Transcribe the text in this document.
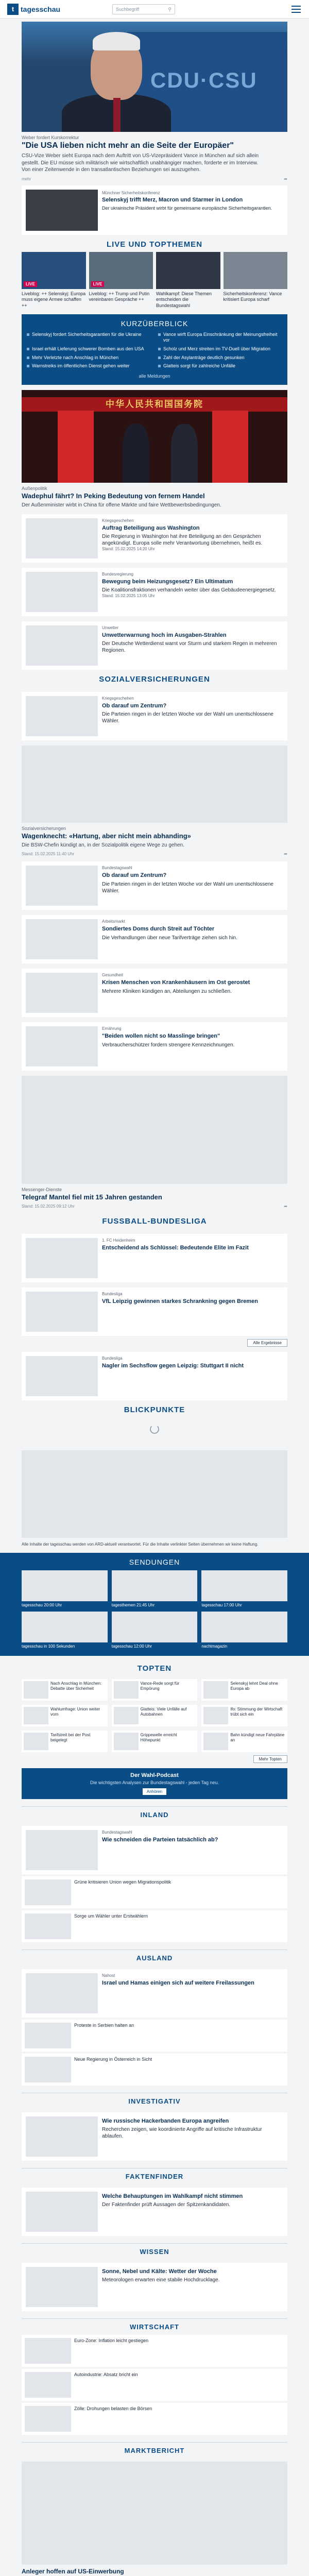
t tagesschau	Suchbegriff	⚲
CDU·CSU

Weber fordert Kurskorrektur

"Die USA lieben nicht mehr an die Seite der Europäer"

CSU-Vize Weber sieht Europa nach dem Auftritt von US-Vizepräsident Vance in München auf sich allein gestellt. Die EU müsse sich militärisch wie wirtschaftlich unabhängiger machen, forderte er im Interview. Von einer Zeitenwende in den transatlantischen Beziehungen sei auszugehen.

mehr	➦
Münchner Sicherheitskonferenz
Selenskyj trifft Merz, Macron und Starmer in London
Der ukrainische Präsident wirbt für gemeinsame europäische Sicherheitsgarantien.
LIVE UND TOPTHEMEN
LIVE

Liveblog: ++ Selenskyj: Europa muss eigene Armee schaffen ++

LIVE

Liveblog: ++ Trump und Putin vereinbaren Gespräche ++

Wahlkampf: Diese Themen entscheiden die Bundestagswahl

Sicherheitskonferenz: Vance kritisiert Europa scharf

KURZÜBERBLICK
Selenskyj fordert Sicherheitsgarantien für die Ukraine	Vance wirft Europa Einschränkung der Meinungsfreiheit vor
Israel erhält Lieferung schwerer Bomben aus den USA	Scholz und Merz streiten im TV-Duell über Migration
Mehr Verletzte nach Anschlag in München	Zahl der Asylanträge deutlich gesunken
Warnstreiks im öffentlichen Dienst gehen weiter	Glatteis sorgt für zahlreiche Unfälle
alle Meldungen
中华人民共和国国务院

Außenpolitik

Wadephul fährt? In Peking Bedeutung von fernem Handel

Der Außenminister wirbt in China für offene Märkte und faire Wettbewerbsbedingungen.

Kriegsgeschehen
Auftrag Beteiligung aus Washington
Die Regierung in Washington hat ihre Beteiligung an den Gesprächen angekündigt. Europa solle mehr Verantwortung übernehmen, heißt es.
Stand: 15.02.2025 14:20 Uhr
Bundesregierung
Bewegung beim Heizungsgesetz? Ein Ultimatum
Die Koalitionsfraktionen verhandeln weiter über das Gebäudeenergiegesetz.
Stand: 15.02.2025 13:05 Uhr
Unwetter
Unwetterwarnung hoch im Ausgaben-Strahlen
Der Deutsche Wetterdienst warnt vor Sturm und starkem Regen in mehreren Regionen.
SOZIALVERSICHERUNGEN
Kriegsgeschehen
Ob darauf um Zentrum?
Die Parteien ringen in der letzten Woche vor der Wahl um unentschlossene Wähler.

Sozialversicherungen

Wagenknecht: «Hartung, aber nicht mein abhanding»

Die BSW-Chefin kündigt an, in der Sozialpolitik eigene Wege zu gehen.

Stand: 15.02.2025 11:40 Uhr	➦
Bundestagswahl
Ob darauf um Zentrum?
Die Parteien ringen in der letzten Woche vor der Wahl um unentschlossene Wähler.
Arbeitsmarkt
Sondiertes Doms durch Streit auf Töchter
Die Verhandlungen über neue Tarifverträge ziehen sich hin.
Gesundheit
Krisen Menschen von Krankenhäusern im Ost gerostet
Mehrere Kliniken kündigen an, Abteilungen zu schließen.
Ernährung
"Beiden wollen nicht so Masslinge bringen"
Verbraucherschützer fordern strengere Kennzeichnungen.

Messenger-Dienste

Telegraf Mantel fiel mit 15 Jahren gestanden
Stand: 15.02.2025 09:12 Uhr	➦
FUSSBALL-BUNDESLIGA
1. FC Heidenheim
Entscheidend als Schlüssel: Bedeutende Elite im Fazit
Bundesliga
VfL Leipzig gewinnen starkes Schrankning gegen Bremen
Alle Ergebnisse
Bundesliga
Nagler im Sechsflow gegen Leipzig: Stuttgart II nicht
BLICKPUNKTE

Alle Inhalte der tagesschau werden von ARD-aktuell verantwortet. Für die Inhalte verlinkter Seiten übernehmen wir keine Haftung.

SENDUNGEN

tagesschau 20:00 Uhr	tagesthemen 21:45 Uhr	tagesschau 17:00 Uhr

tagesschau in 100 Sekunden	tagesschau 12:00 Uhr	nachtmagazin

TOPTEN

Nach Anschlag in München: Debatte über Sicherheit

Vance-Rede sorgt für Empörung

Selenskyj lehnt Deal ohne Europa ab

Wahlumfrage: Union weiter vorn

Glatteis: Viele Unfälle auf Autobahnen

Ifo: Stimmung der Wirtschaft trübt sich ein

Tarifstreit bei der Post beigelegt

Grippewelle erreicht Höhepunkt

Bahn kündigt neue Fahrpläne an

Mehr Topten
Der Wahl-Podcast

Die wichtigsten Analysen zur Bundestagswahl - jeden Tag neu.

Anhören
INLAND
Bundestagswahl
Wie schneiden die Parteien tatsächlich ab?

Grüne kritisieren Union wegen Migrationspolitik

Sorge um Wähler unter Erstwählern

AUSLAND
Nahost
Israel und Hamas einigen sich auf weitere Freilassungen

Proteste in Serbien halten an

Neue Regierung in Österreich in Sicht

INVESTIGATIV
Wie russische Hackerbanden Europa angreifen
Recherchen zeigen, wie koordinierte Angriffe auf kritische Infrastruktur ablaufen.
FAKTENFINDER
Welche Behauptungen im Wahlkampf nicht stimmen
Der Faktenfinder prüft Aussagen der Spitzenkandidaten.
WISSEN
Sonne, Nebel und Kälte: Wetter der Woche
Meteorologen erwarten eine stabile Hochdrucklage.
WIRTSCHAFT

Euro-Zone: Inflation leicht gestiegen

Autoindustrie: Absatz bricht ein

Zölle: Drohungen belasten die Börsen

MARKTBERICHT
Anleger hoffen auf US-Einwerbung
